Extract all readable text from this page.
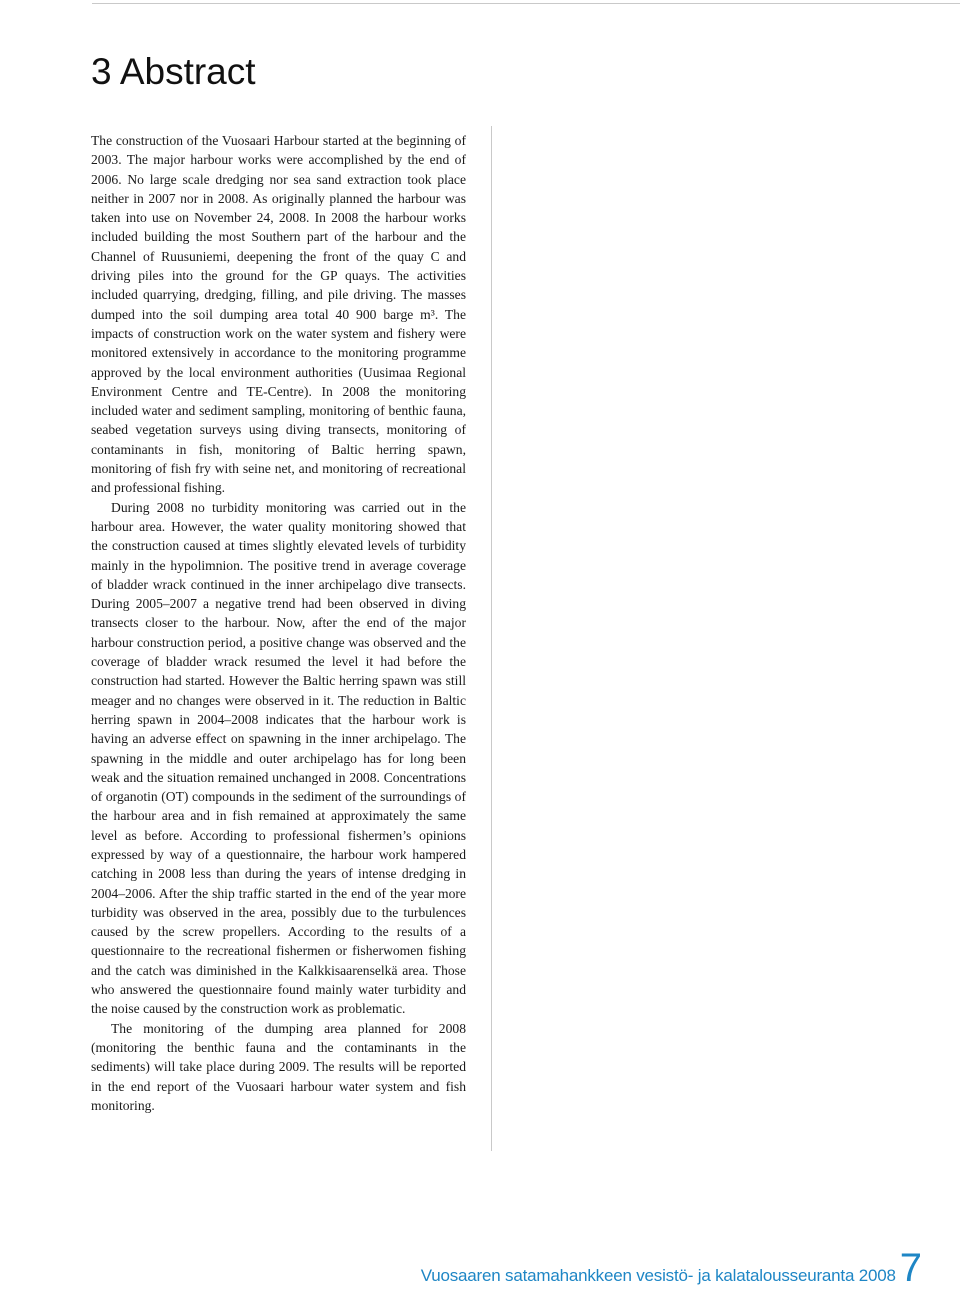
3 Abstract

The construction of the Vuosaari Harbour started at the beginning of 2003. The major harbour works were accomplished by the end of 2006. No large scale dredging nor sea sand extraction took place neither in 2007 nor in 2008. As originally planned the harbour was taken into use on November 24, 2008. In 2008 the harbour works included building the most Southern part of the harbour and the Channel of Ruusuniemi, deepening the front of the quay C and driving piles into the ground for the GP quays. The activities included quarrying, dredging, filling, and pile driving. The masses dumped into the soil dumping area total 40 900 barge m³. The impacts of construction work on the water system and fishery were monitored extensively in accordance to the monitoring programme approved by the local environment authorities (Uusimaa Regional Environment Centre and TE-Centre). In 2008 the monitoring included water and sediment sampling, monitoring of benthic fauna, seabed vegetation surveys using diving transects, monitoring of contaminants in fish, monitoring of Baltic herring spawn, monitoring of fish fry with seine net, and monitoring of recreational and professional fishing.

During 2008 no turbidity monitoring was carried out in the harbour area. However, the water quality monitoring showed that the construction caused at times slightly elevated levels of turbidity mainly in the hypolimnion. The positive trend in average coverage of bladder wrack continued in the inner archipelago dive transects. During 2005–2007 a negative trend had been observed in diving transects closer to the harbour. Now, after the end of the major harbour construction period, a positive change was observed and the coverage of bladder wrack resumed the level it had before the construction had started. However the Baltic herring spawn was still meager and no changes were observed in it. The reduction in Baltic herring spawn in 2004–2008 indicates that the harbour work is having an adverse effect on spawning in the inner archipelago. The spawning in the middle and outer archipelago has for long been weak and the situation remained unchanged in 2008. Concentrations of organotin (OT) compounds in the sediment of the surroundings of the harbour area and in fish remained at approximately the same level as before. According to professional fishermen’s opinions expressed by way of a questionnaire, the harbour work hampered catching in 2008 less than during the years of intense dredging in 2004–2006. After the ship traffic started in the end of the year more turbidity was observed in the area, possibly due to the turbulences caused by the screw propellers. According to the results of a questionnaire to the recreational fishermen or fisherwomen fishing and the catch was diminished in the Kalkkisaarenselkä area. Those who answered the questionnaire found mainly water turbidity and the noise caused by the construction work as problematic.

The monitoring of the dumping area planned for 2008 (monitoring the benthic fauna and the contaminants in the sediments) will take place during 2009. The results will be reported in the end report of the Vuosaari harbour water system and fish monitoring.

Vuosaaren satamahankkeen vesistö- ja kalatalousseuranta 2008 7
